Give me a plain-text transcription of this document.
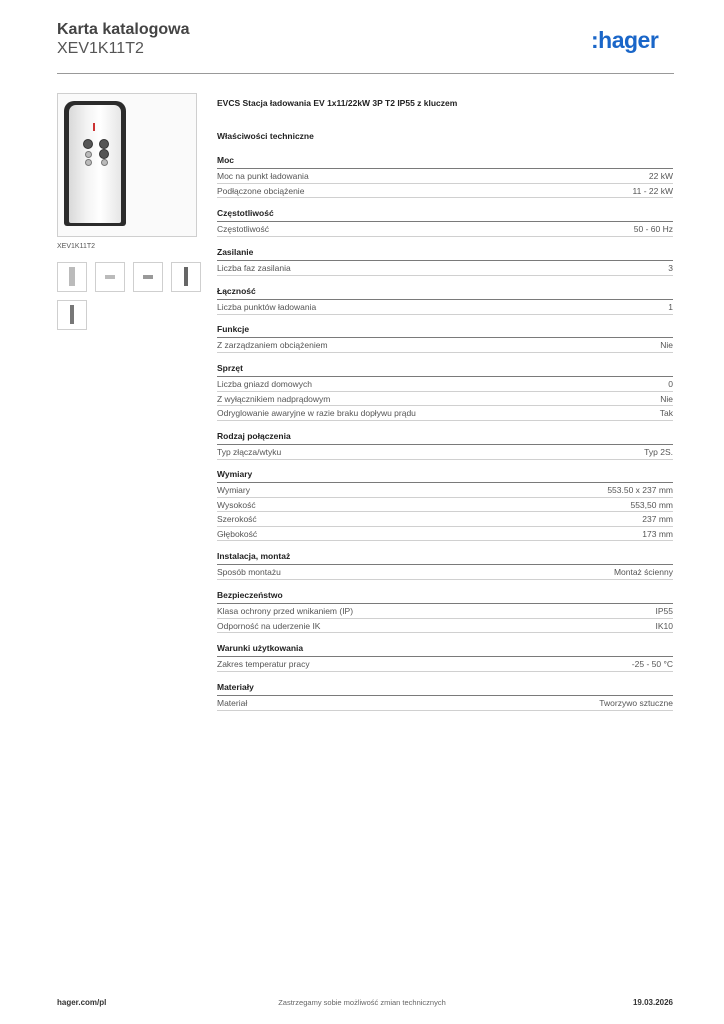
Karta katalogowa
XEV1K11T2	:hager
XEV1K11T2
EVCS Stacja ładowania EV 1x11/22kW 3P T2 IP55 z kluczem
Właściwości techniczne
Moc
Moc na punkt ładowania	22 kW
Podłączone obciążenie	11 - 22 kW
Częstotliwość
Częstotliwość	50 - 60 Hz
Zasilanie
Liczba faz zasilania	3
Łączność
Liczba punktów ładowania	1
Funkcje
Z zarządzaniem obciążeniem	Nie
Sprzęt
Liczba gniazd domowych	0
Z wyłącznikiem nadprądowym	Nie
Odryglowanie awaryjne w razie braku dopływu prądu	Tak
Rodzaj połączenia
Typ złącza/wtyku	Typ 2S.
Wymiary
Wymiary	553.50 x 237 mm
Wysokość	553,50 mm
Szerokość	237 mm
Głębokość	173 mm
Instalacja, montaż
Sposób montażu	Montaż ścienny
Bezpieczeństwo
Klasa ochrony przed wnikaniem (IP)	IP55
Odporność na uderzenie IK	IK10
Warunki użytkowania
Zakres temperatur pracy	-25 - 50 °C
Materiały
Materiał	Tworzywo sztuczne
hager.com/pl	Zastrzegamy sobie możliwość zmian technicznych	19.03.2026
